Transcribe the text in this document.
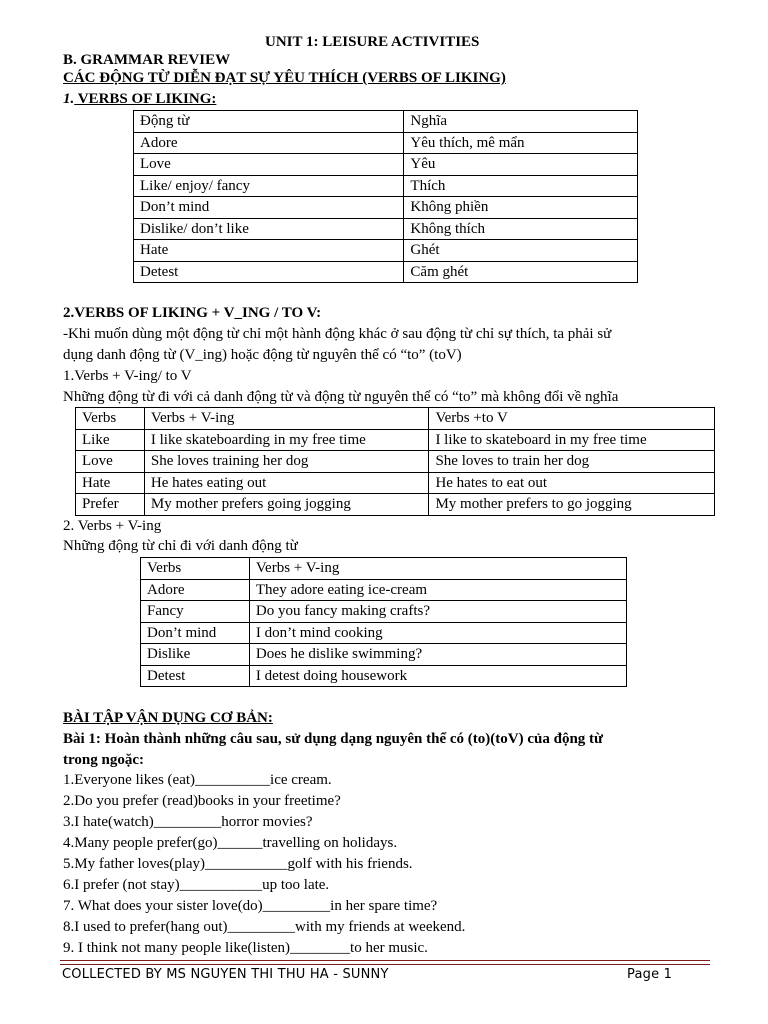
UNIT 1: LEISURE ACTIVITIES
B. GRAMMAR REVIEW
CÁC ĐỘNG TỪ DIỄN ĐẠT SỰ YÊU THÍCH (VERBS OF LIKING)
1. VERBS OF LIKING:
Động từ	Nghĩa
Adore	Yêu thích, mê mẩn
Love	Yêu
Like/ enjoy/ fancy	Thích
Don’t mind	Không phiền
Dislike/ don’t like	Không thích
Hate	Ghét
Detest	Căm ghét
2.VERBS OF LIKING + V_ING / TO V:
-Khi muốn dùng một động từ chỉ một hành động khác ở sau động từ chỉ sự thích, ta phải sử
dụng danh động từ (V_ing) hoặc động từ nguyên thể có “to” (toV)
1.Verbs + V-ing/ to V
Những động từ đi với cả danh động từ và động từ nguyên thể có “to” mà không đổi về nghĩa
Verbs	Verbs + V-ing	Verbs +to V
Like	I like skateboarding in my free time	I like to skateboard in my free time
Love	She loves training her dog	She loves to train her dog
Hate	He hates eating out	He hates to eat out
Prefer	My mother prefers going jogging	My mother prefers to go jogging
2. Verbs + V-ing
Những động từ chỉ đi với danh động từ
Verbs	Verbs + V-ing
Adore	They adore eating ice-cream
Fancy	Do you fancy making crafts?
Don’t mind	I don’t mind cooking
Dislike	Does he dislike swimming?
Detest	I detest doing housework
BÀI TẬP VẬN DỤNG CƠ BẢN:
Bài 1: Hoàn thành những câu sau, sử dụng dạng nguyên thể có (to)(toV) của động từ
trong ngoặc:
1.Everyone likes (eat)__________ice cream.
2.Do you prefer (read)books in your freetime?
3.I hate(watch)_________horror movies?
4.Many people prefer(go)______travelling on holidays.
5.My father loves(play)___________golf with his friends.
6.I prefer (not stay)___________up too late.
7. What does your sister love(do)_________in her spare time?
8.I used to prefer(hang out)_________with my friends at weekend.
9. I think not many people like(listen)________to her music.
COLLECTED BY MS NGUYEN THI THU HA - SUNNY	Page 1
